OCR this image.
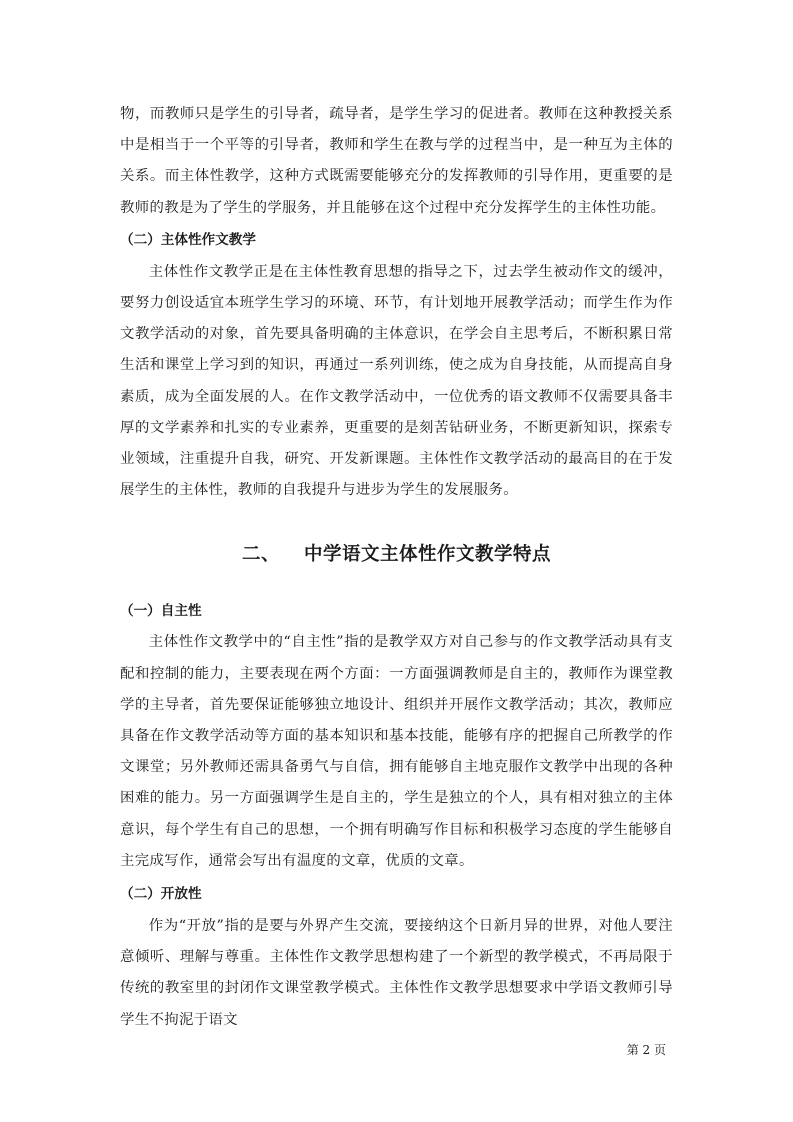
物，而教师只是学生的引导者，疏导者，是学生学习的促进者。教师在这种教授关系中是相当于一个平等的引导者，教师和学生在教与学的过程当中，是一种互为主体的关系。而主体性教学，这种方式既需要能够充分的发挥教师的引导作用，更重要的是教师的教是为了学生的学服务，并且能够在这个过程中充分发挥学生的主体性功能。

（二）主体性作文教学

主体性作文教学正是在主体性教育思想的指导之下，过去学生被动作文的缓冲，要努力创设适宜本班学生学习的环境、环节，有计划地开展教学活动；而学生作为作文教学活动的对象，首先要具备明确的主体意识，在学会自主思考后，不断积累日常生活和课堂上学习到的知识，再通过一系列训练，使之成为自身技能，从而提高自身素质，成为全面发展的人。在作文教学活动中，一位优秀的语文教师不仅需要具备丰厚的文学素养和扎实的专业素养，更重要的是刻苦钻研业务，不断更新知识，探索专业领域，注重提升自我，研究、开发新课题。主体性作文教学活动的最高目的在于发展学生的主体性，教师的自我提升与进步为学生的发展服务。

二、 中学语文主体性作文教学特点

（一）自主性

主体性作文教学中的“自主性”指的是教学双方对自己参与的作文教学活动具有支配和控制的能力，主要表现在两个方面：一方面强调教师是自主的，教师作为课堂教学的主导者，首先要保证能够独立地设计、组织并开展作文教学活动；其次，教师应具备在作文教学活动等方面的基本知识和基本技能，能够有序的把握自己所教学的作文课堂；另外教师还需具备勇气与自信，拥有能够自主地克服作文教学中出现的各种困难的能力。另一方面强调学生是自主的，学生是独立的个人，具有相对独立的主体意识，每个学生有自己的思想，一个拥有明确写作目标和积极学习态度的学生能够自主完成写作，通常会写出有温度的文章，优质的文章。

（二）开放性

作为“开放”指的是要与外界产生交流，要接纳这个日新月异的世界，对他人要注意倾听、理解与尊重。主体性作文教学思想构建了一个新型的教学模式，不再局限于传统的教室里的封闭作文课堂教学模式。主体性作文教学思想要求中学语文教师引导学生不拘泥于语文

第 2 页
